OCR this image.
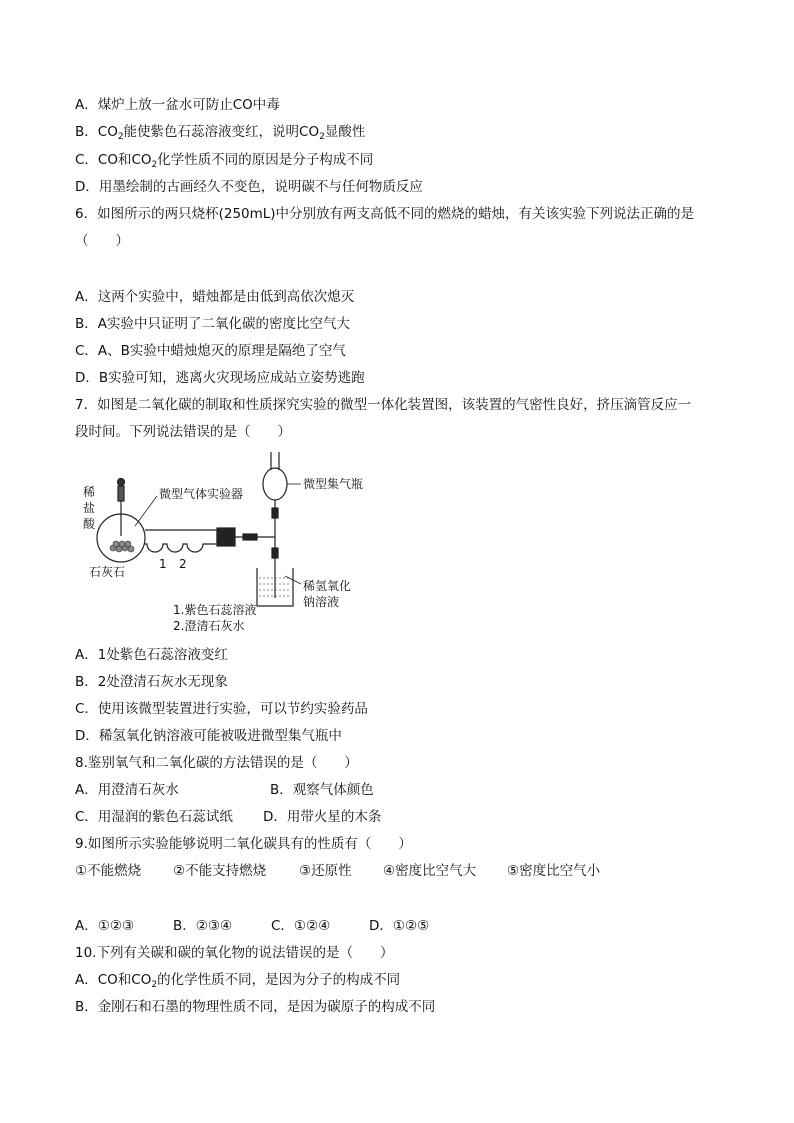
A．煤炉上放一盆水可防止CO中毒
B．$CO_2$能使紫色石蕊溶液变红，说明$CO_2$显酸性
C．CO和$CO_2$化学性质不同的原因是分子构成不同
D．用墨绘制的古画经久不变色，说明碳不与任何物质反应
6．如图所示的两只烧杯(250mL)中分别放有两支高低不同的燃烧的蜡烛，有关该实验下列说法正确的是
（　　）
A．这两个实验中，蜡烛都是由低到高依次熄灭
B．A实验中只证明了二氧化碳的密度比空气大
C．A、B实验中蜡烛熄灭的原理是隔绝了空气
D．B实验可知，逃离火灾现场应成站立姿势逃跑
7．如图是二氧化碳的制取和性质探究实验的微型一体化装置图，该装置的气密性良好，挤压滴管反应一
段时间。下列说法错误的是（　　）
稀
盐
酸
微型气体实验器
微型集气瓶
石灰石
1 2
稀氢氧化
钠溶液
1.紫色石蕊溶液
2.澄清石灰水
A．1处紫色石蕊溶液变红
B．2处澄清石灰水无现象
C．使用该微型装置进行实验，可以节约实验药品
D．稀氢氧化钠溶液可能被吸进微型集气瓶中
8.鉴别氧气和二氧化碳的方法错误的是（　　）
A．用澄清石灰水	B．观察气体颜色
C．用湿润的紫色石蕊试纸 D．用带火星的木条
9.如图所示实验能够说明二氧化碳具有的性质有（　　）
①不能燃烧 ②不能支持燃烧 ③还原性 ④密度比空气大 ⑤密度比空气小
A．①②③	B．②③④	C．①②④	D．①②⑤
10.下列有关碳和碳的氧化物的说法错误的是（　　）
A．CO和$CO_2$的化学性质不同，是因为分子的构成不同
B．金刚石和石墨的物理性质不同，是因为碳原子的构成不同
